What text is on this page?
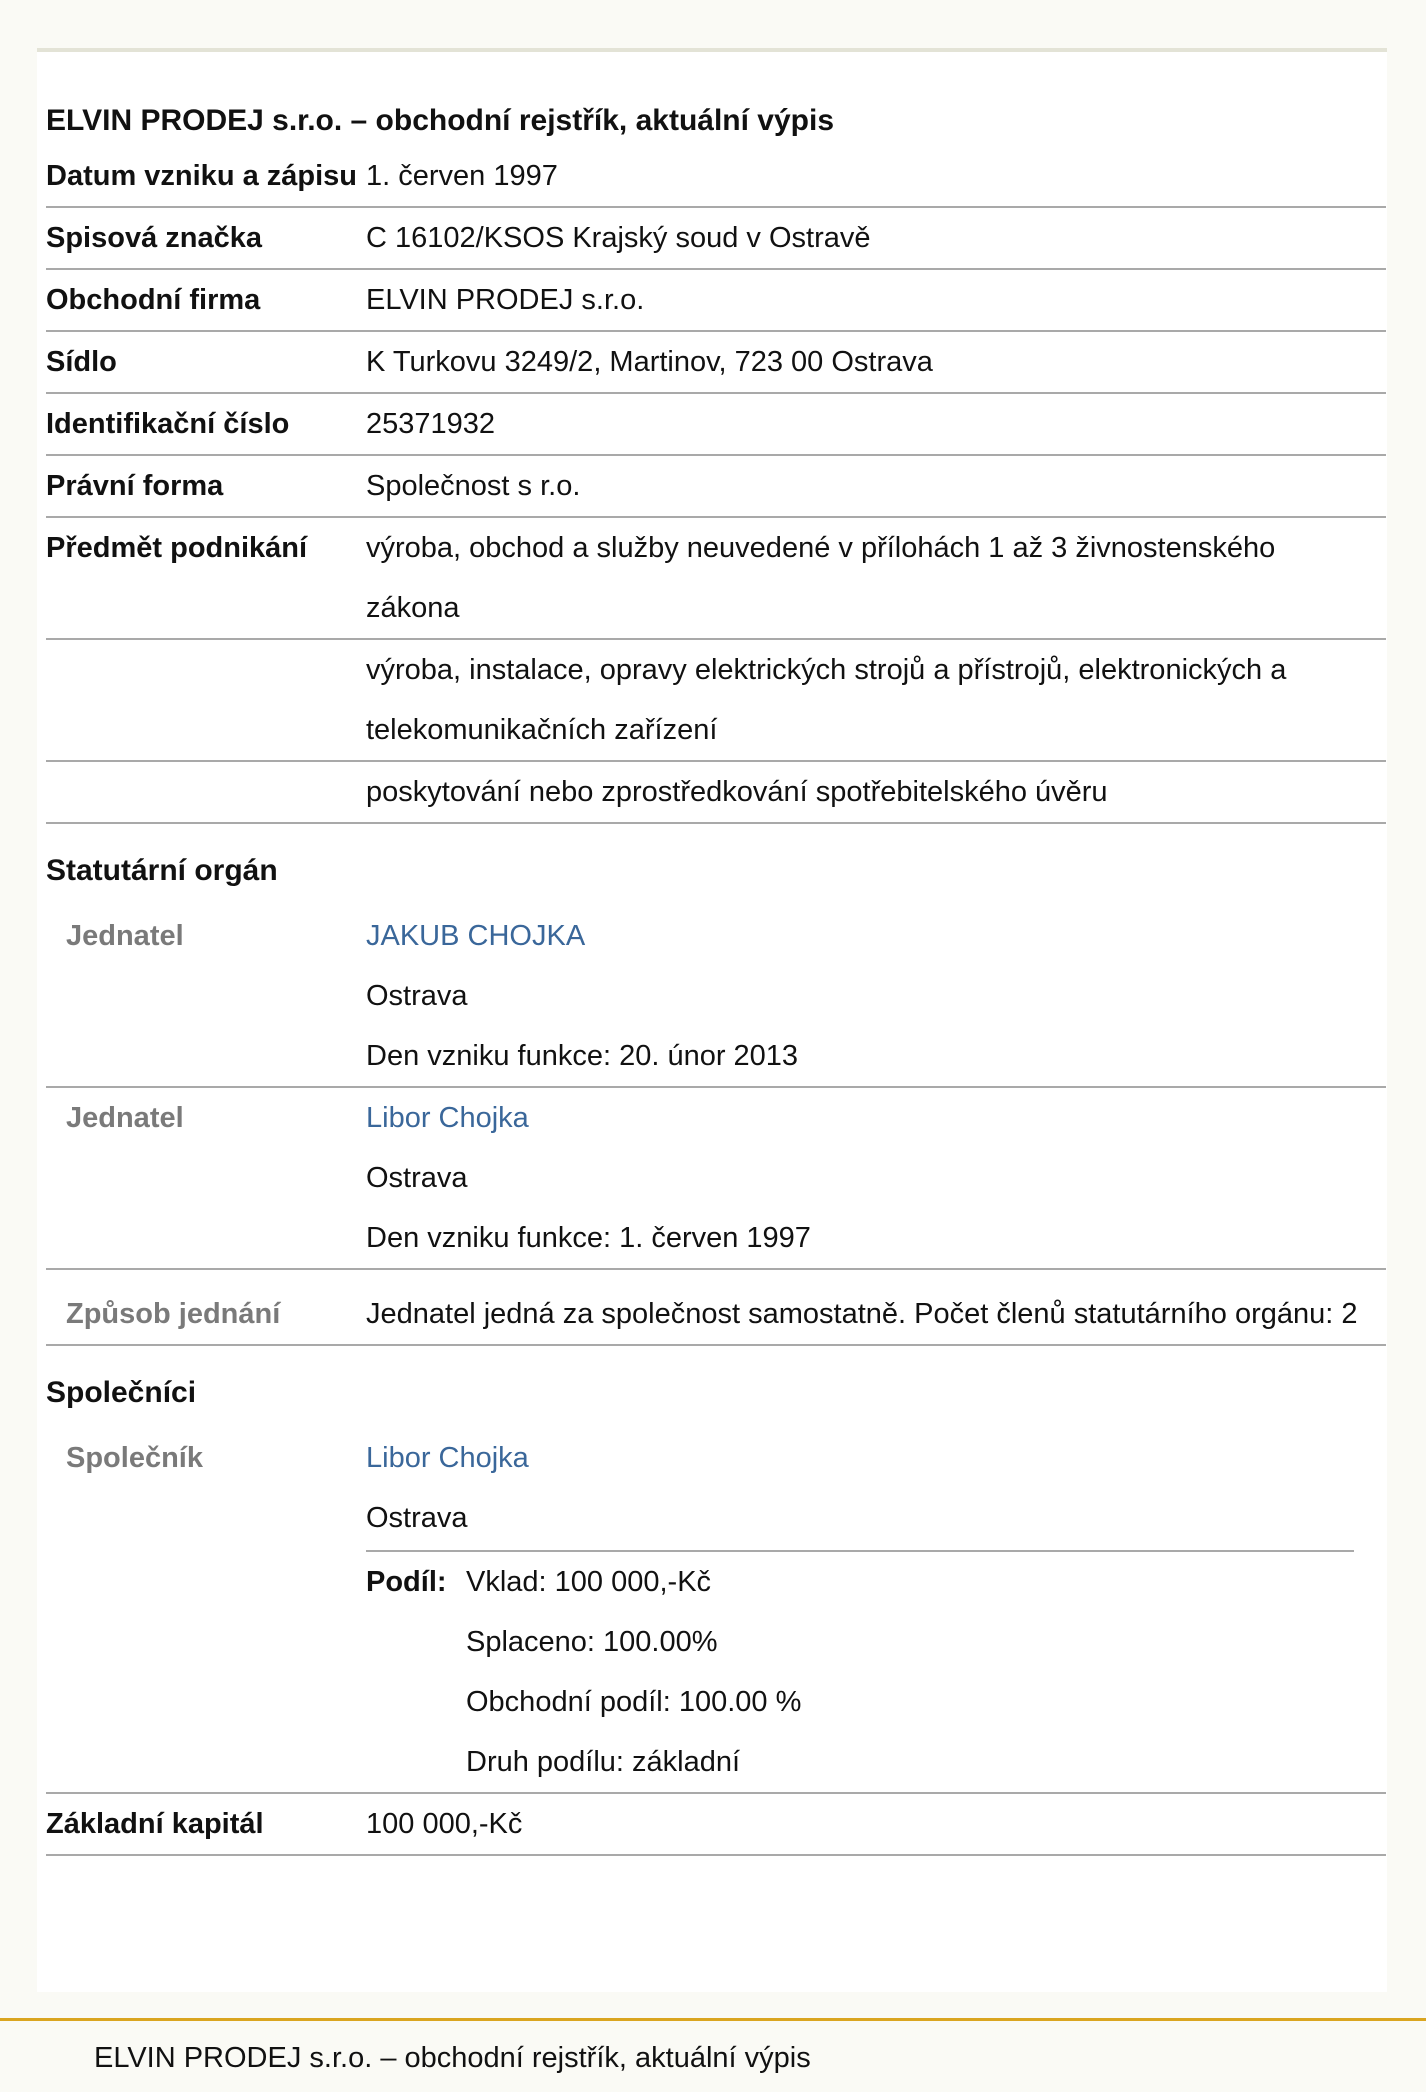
ELVIN PRODEJ s.r.o. – obchodní rejstřík, aktuální výpis
Datum vzniku a zápisu 1. červen 1997
Spisová značka	C 16102/KSOS Krajský soud v Ostravě
Obchodní firma	ELVIN PRODEJ s.r.o.
Sídlo	K Turkovu 3249/2, Martinov, 723 00 Ostrava
Identifikační číslo	25371932
Právní forma	Společnost s r.o.
Předmět podnikání	výroba, obchod a služby neuvedené v přílohách 1 až 3 živnostenského zákona
výroba, instalace, opravy elektrických strojů a přístrojů, elektronických a telekomunikačních zařízení
poskytování nebo zprostředkování spotřebitelského úvěru
Statutární orgán
Jednatel	JAKUB CHOJKA
Ostrava
Den vzniku funkce: 20. únor 2013
Jednatel	Libor Chojka
Ostrava
Den vzniku funkce: 1. červen 1997
Způsob jednání	Jednatel jedná za společnost samostatně. Počet členů statutárního orgánu: 2
Společníci
Společník	Libor Chojka
Ostrava
Podíl: Vklad: 100 000,-Kč
Splaceno: 100.00%
Obchodní podíl: 100.00 %
Druh podílu: základní
Základní kapitál	100 000,-Kč
ELVIN PRODEJ s.r.o. – obchodní rejstřík, aktuální výpis
